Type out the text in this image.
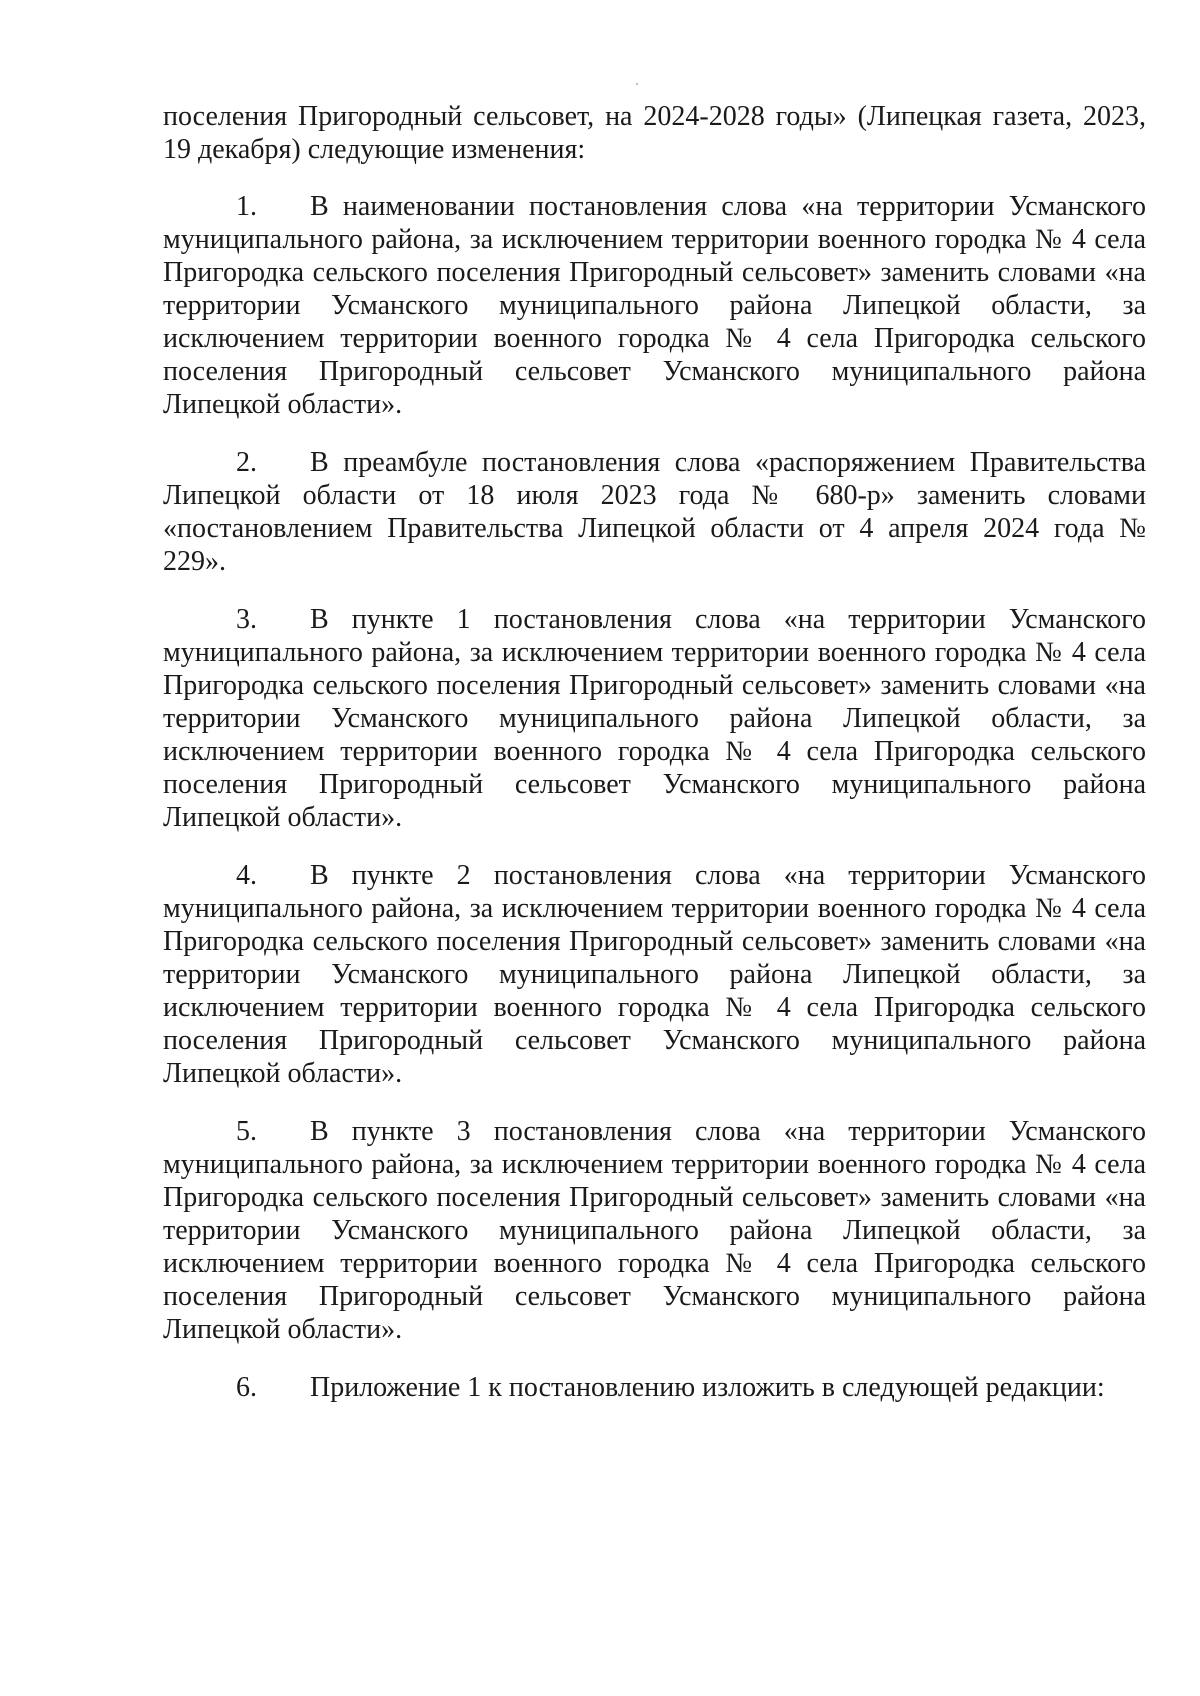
поселения Пригородный сельсовет, на 2024-2028 годы» (Липецкая газета, 2023, 19 декабря) следующие изменения:

1. В наименовании постановления слова «на территории Усманского муниципального района, за исключением территории военного городка № 4 села Пригородка сельского поселения Пригородный сельсовет» заменить словами «на территории Усманского муниципального района Липецкой области, за исключением территории военного городка № 4 села Пригородка сельского поселения Пригородный сельсовет Усманского муниципального района Липецкой области».

2. В преамбуле постановления слова «распоряжением Правительства Липецкой области от 18 июля 2023 года № 680-р» заменить словами «постановлением Правительства Липецкой области от 4 апреля 2024 года № 229».

3. В пункте 1 постановления слова «на территории Усманского муниципального района, за исключением территории военного городка № 4 села Пригородка сельского поселения Пригородный сельсовет» заменить словами «на территории Усманского муниципального района Липецкой области, за исключением территории военного городка № 4 села Пригородка сельского поселения Пригородный сельсовет Усманского муниципального района Липецкой области».

4. В пункте 2 постановления слова «на территории Усманского муниципального района, за исключением территории военного городка № 4 села Пригородка сельского поселения Пригородный сельсовет» заменить словами «на территории Усманского муниципального района Липецкой области, за исключением территории военного городка № 4 села Пригородка сельского поселения Пригородный сельсовет Усманского муниципального района Липецкой области».

5. В пункте 3 постановления слова «на территории Усманского муниципального района, за исключением территории военного городка № 4 села Пригородка сельского поселения Пригородный сельсовет» заменить словами «на территории Усманского муниципального района Липецкой области, за исключением территории военного городка № 4 села Пригородка сельского поселения Пригородный сельсовет Усманского муниципального района Липецкой области».

6. Приложение 1 к постановлению изложить в следующей редакции:
